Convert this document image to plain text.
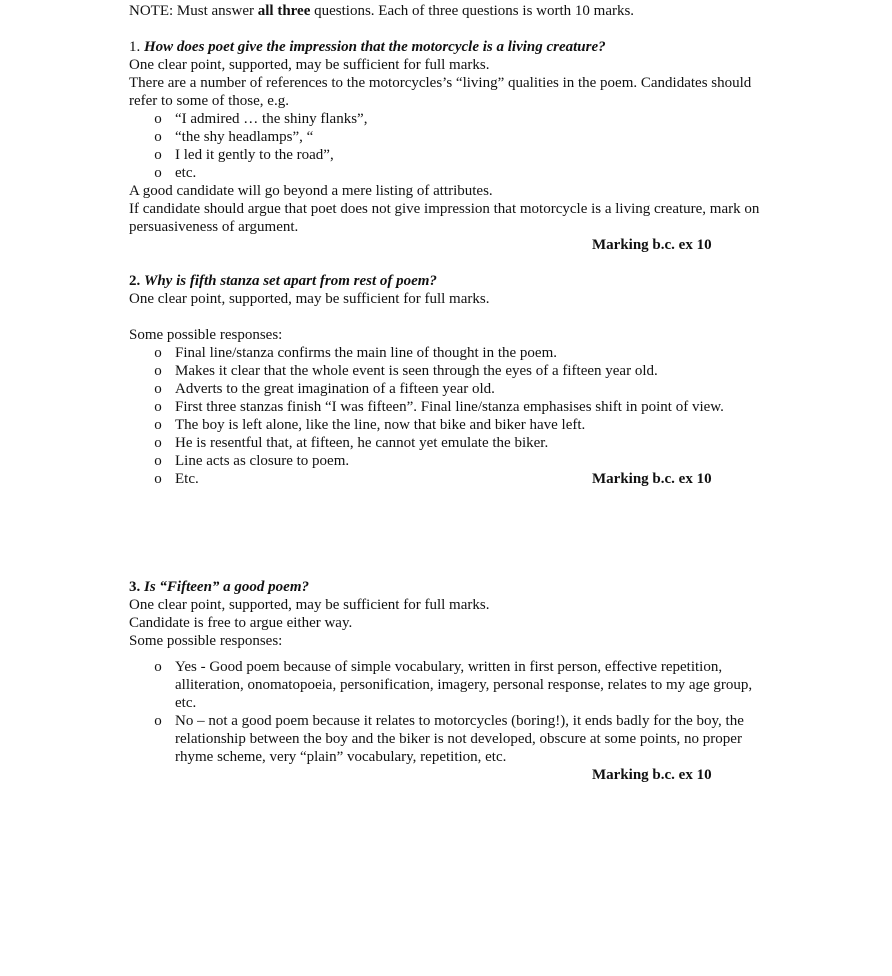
NOTE: Must answer all three questions. Each of three questions is worth 10 marks.

1. How does poet give the impression that the motorcycle is a living creature?

One clear point, supported, may be sufficient for full marks.

There are a number of references to the motorcycles’s “living” qualities in the poem. Candidates should refer to some of those, e.g.

o “I admired … the shiny flanks”,
o “the shy headlamps”, “
o I led it gently to the road”,
o etc.

A good candidate will go beyond a mere listing of attributes.

If candidate should argue that poet does not give impression that motorcycle is a living creature, mark on persuasiveness of argument.

Marking b.c. ex 10

2. Why is fifth stanza set apart from rest of poem?

One clear point, supported, may be sufficient for full marks.

Some possible responses:

o Final line/stanza confirms the main line of thought in the poem.
o Makes it clear that the whole event is seen through the eyes of a fifteen year old.
o Adverts to the great imagination of a fifteen year old.
o First three stanzas finish “I was fifteen”. Final line/stanza emphasises shift in point of view.
o The boy is left alone, like the line, now that bike and biker have left.
o He is resentful that, at fifteen, he cannot yet emulate the biker.
o Line acts as closure to poem.
o Etc.	Marking b.c. ex 10

3. Is “Fifteen” a good poem?

One clear point, supported, may be sufficient for full marks.

Candidate is free to argue either way.

Some possible responses:

o Yes - Good poem because of simple vocabulary, written in first person, effective repetition, alliteration, onomatopoeia, personification, imagery, personal response, relates to my age group, etc.
o No – not a good poem because it relates to motorcycles (boring!), it ends badly for the boy, the relationship between the boy and the biker is not developed, obscure at some points, no proper rhyme scheme, very “plain” vocabulary, repetition, etc.
Marking b.c. ex 10
